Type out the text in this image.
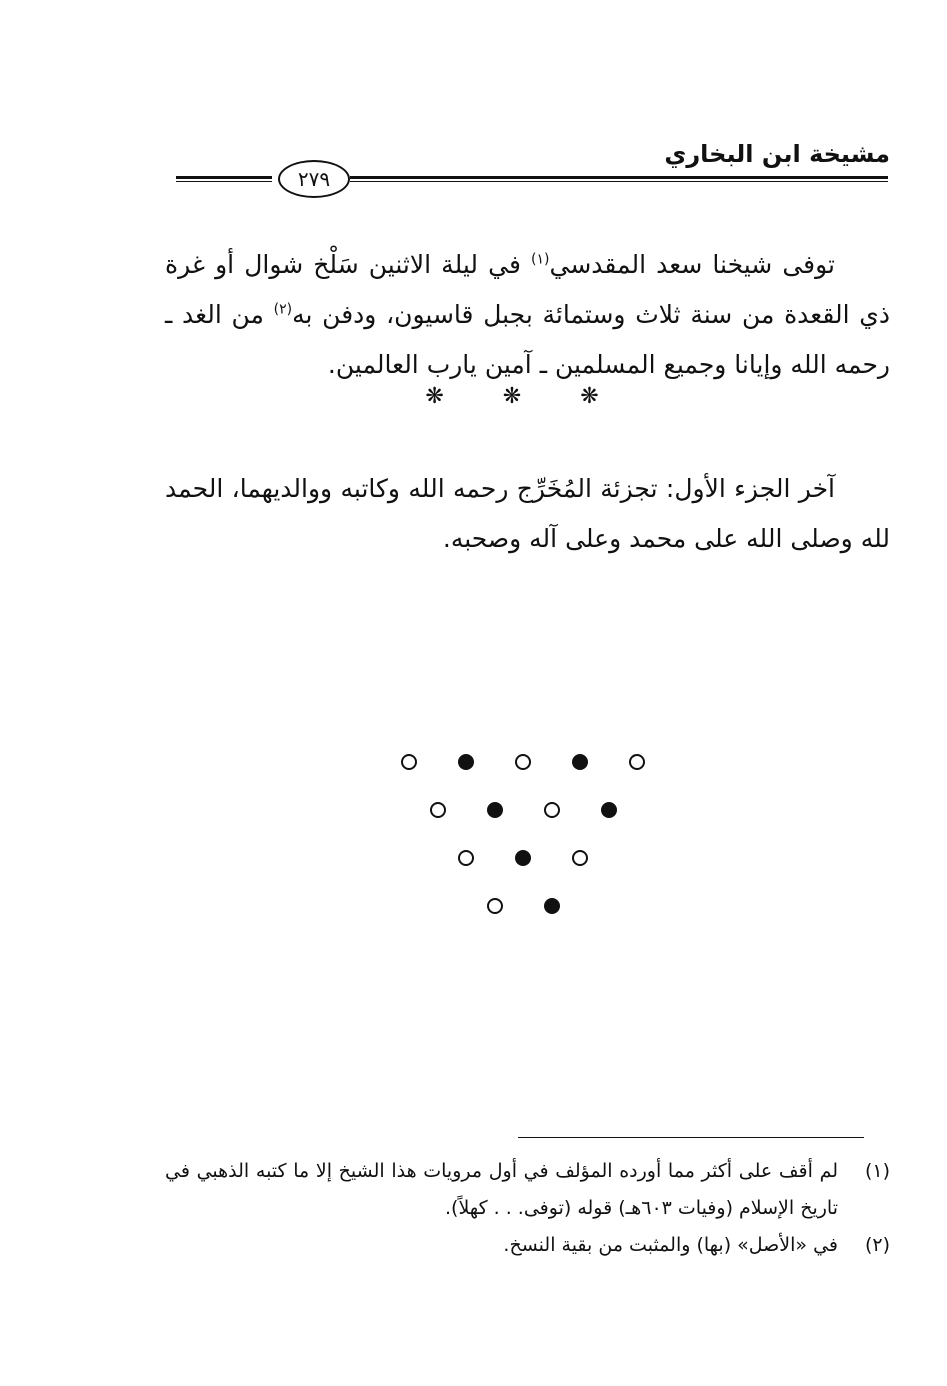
مشيخة ابن البخاري
٢٧٩
توفى شيخنا سعد المقدسي$^{(١)}$ في ليلة الاثنين سَلْخ شوال أو غرة ذي القعدة من سنة ثلاث وستمائة بجبل قاسيون، ودفن به$^{(٢)}$ من الغد ـ رحمه الله وإيانا وجميع المسلمين ـ آمين يارب العالمين.
❋ ❋ ❋
آخر الجزء الأول: تجزئة المُخَرِّج رحمه الله وكاتبه ووالديهما، الحمد لله وصلى الله على محمد وعلى آله وصحبه.
(١)
لم أقف على أكثر مما أورده المؤلف في أول مرويات هذا الشيخ إلا ما كتبه الذهبي في تاريخ الإسلام (وفيات ٦٠٣هـ) قوله (توفى. . . كهلاً).
(٢)
في «الأصل» (بها) والمثبت من بقية النسخ.
